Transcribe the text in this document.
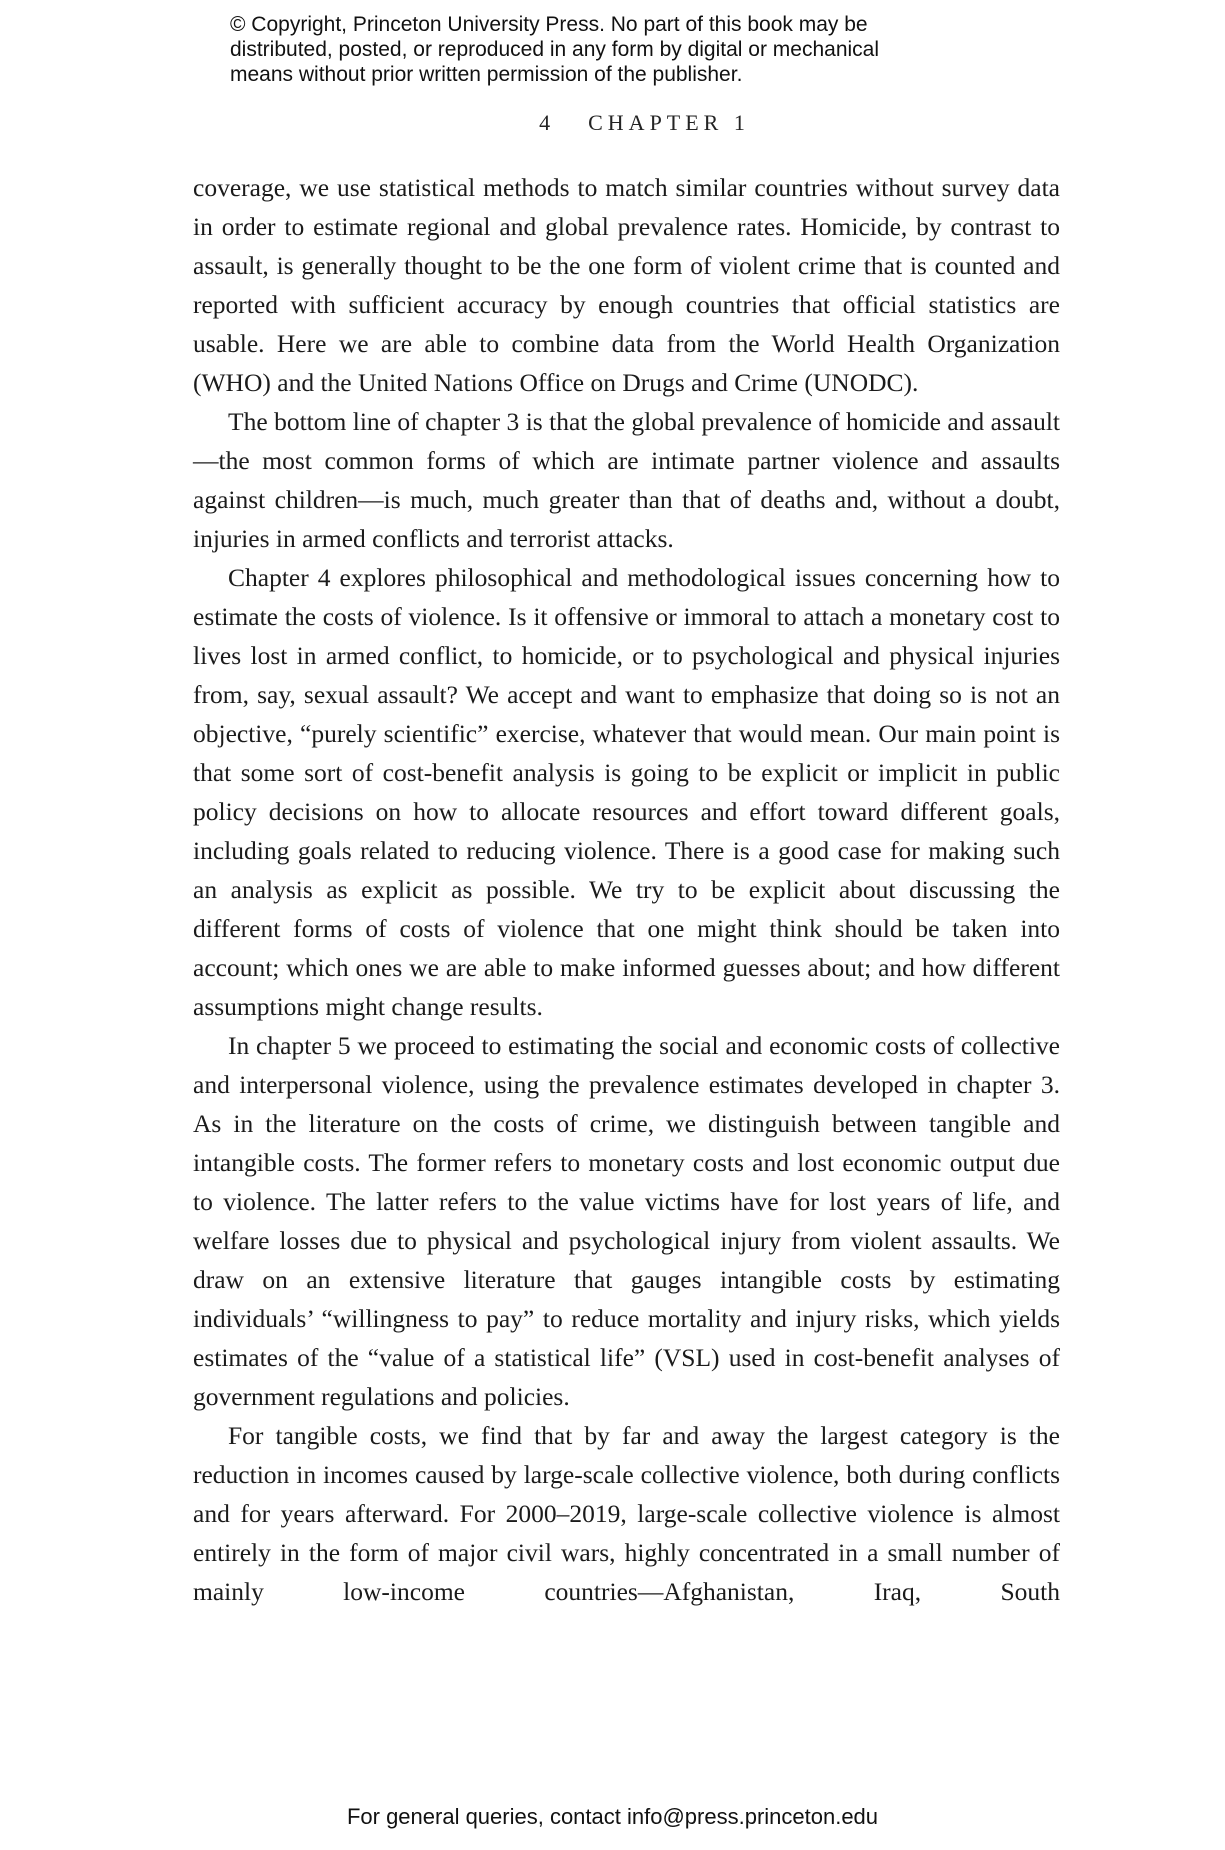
© Copyright, Princeton University Press. No part of this book may be
distributed, posted, or reproduced in any form by digital or mechanical
means without prior written permission of the publisher.
4 CHAPTER 1

coverage, we use statistical methods to match similar countries without survey data in order to estimate regional and global prevalence rates. Homicide, by contrast to assault, is generally thought to be the one form of violent crime that is counted and reported with sufficient accuracy by enough countries that official statistics are usable. Here we are able to combine data from the World Health Organization (WHO) and the United Nations Office on Drugs and Crime (UNODC).

The bottom line of chapter 3 is that the global prevalence of homicide and assault—the most common forms of which are intimate partner violence and assaults against children—is much, much greater than that of deaths and, without a doubt, injuries in armed conflicts and terrorist attacks.

Chapter 4 explores philosophical and methodological issues concerning how to estimate the costs of violence. Is it offensive or immoral to attach a monetary cost to lives lost in armed conflict, to homicide, or to psychological and physical injuries from, say, sexual assault? We accept and want to emphasize that doing so is not an objective, “purely scientific” exercise, whatever that would mean. Our main point is that some sort of cost-benefit analysis is going to be explicit or implicit in public policy decisions on how to allocate resources and effort toward different goals, including goals related to reducing violence. There is a good case for making such an analysis as explicit as possible. We try to be explicit about discussing the different forms of costs of violence that one might think should be taken into account; which ones we are able to make informed guesses about; and how different assumptions might change results.

In chapter 5 we proceed to estimating the social and economic costs of collective and interpersonal violence, using the prevalence estimates developed in chapter 3. As in the literature on the costs of crime, we distinguish between tangible and intangible costs. The former refers to monetary costs and lost economic output due to violence. The latter refers to the value victims have for lost years of life, and welfare losses due to physical and psychological injury from violent assaults. We draw on an extensive literature that gauges intangible costs by estimating individuals’ “willingness to pay” to reduce mortality and injury risks, which yields estimates of the “value of a statistical life” (VSL) used in cost-benefit analyses of government regulations and policies.

For tangible costs, we find that by far and away the largest category is the reduction in incomes caused by large-scale collective violence, both during conflicts and for years afterward. For 2000–2019, large-scale collective violence is almost entirely in the form of major civil wars, highly concentrated in a small number of mainly low-income countries—Afghanistan, Iraq, South

For general queries, contact info@press.princeton.edu
